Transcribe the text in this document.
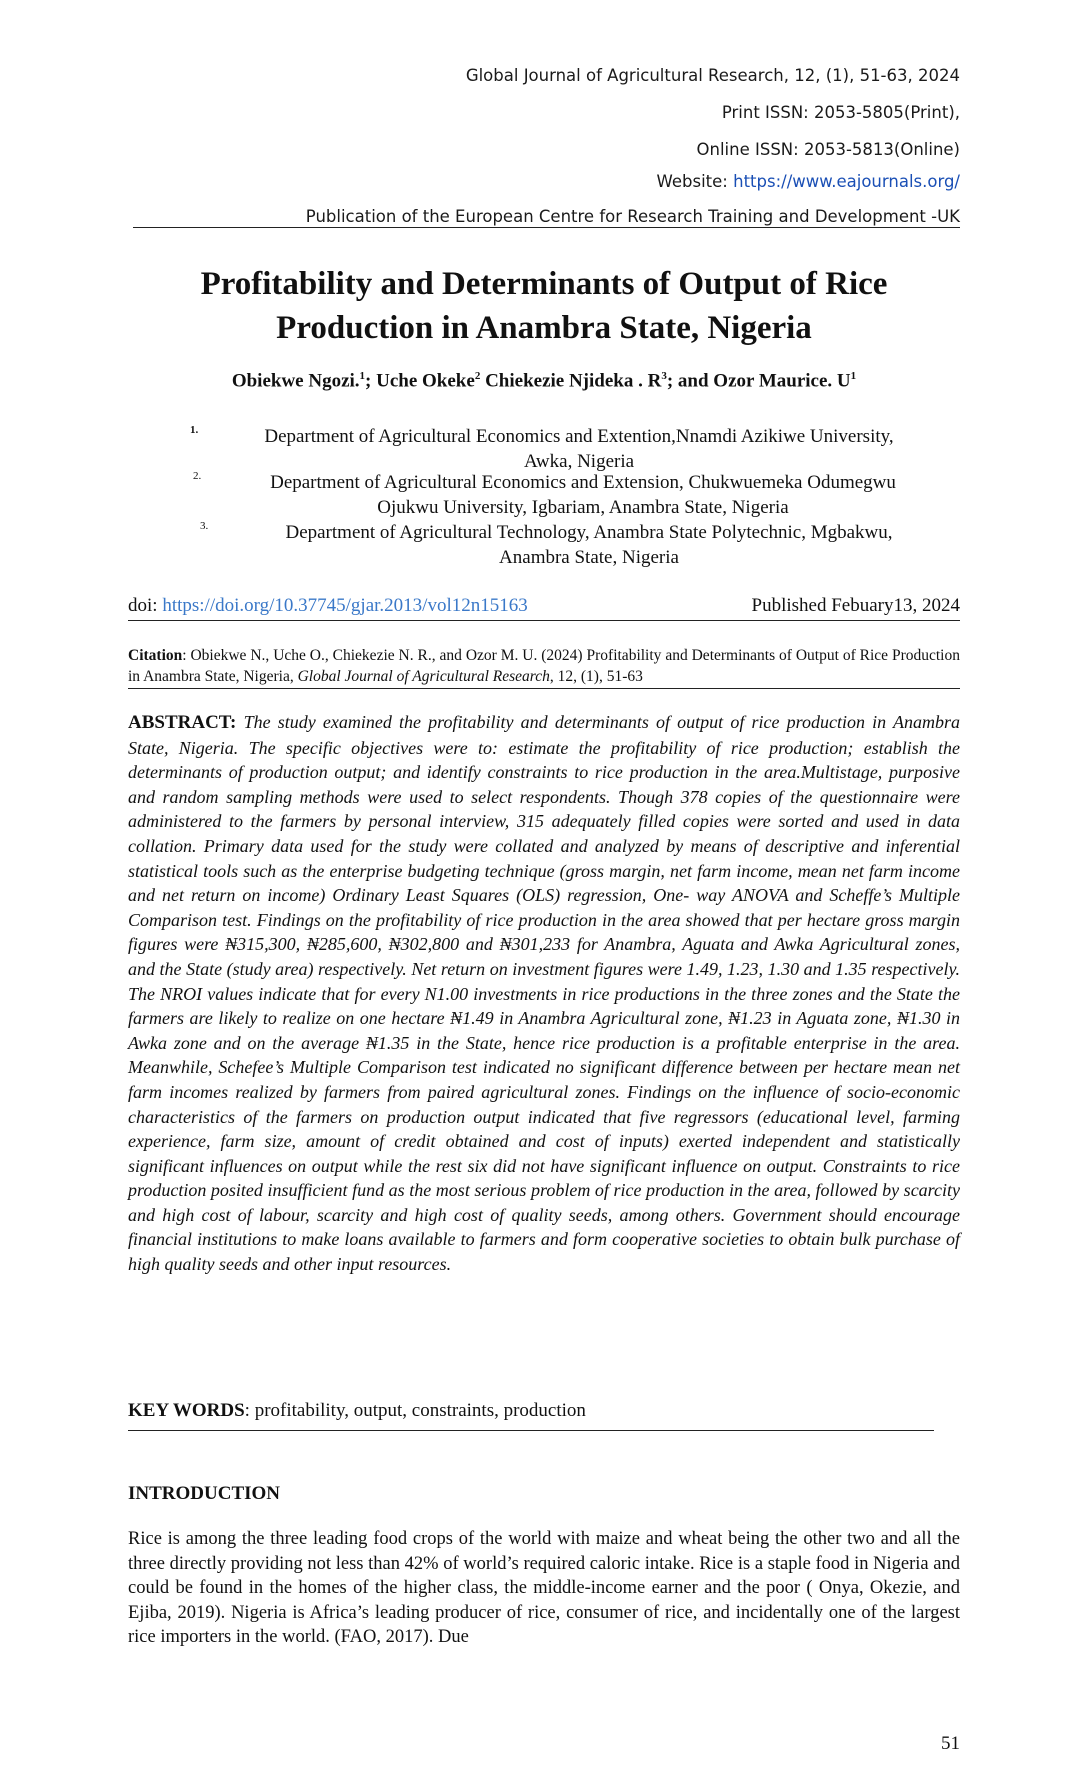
Global Journal of Agricultural Research, 12, (1), 51-63, 2024
Print ISSN: 2053-5805(Print),
Online ISSN: 2053-5813(Online)
Website: https://www.eajournals.org/
Publication of the European Centre for Research Training and Development -UK
Profitability and Determinants of Output of Rice
Production in Anambra State, Nigeria
Obiekwe Ngozi.$^1$; Uche Okeke$^2$ Chiekezie Njideka . $R^3$; and Ozor Maurice. $U^1$
1.	Department of Agricultural Economics and Extention,Nnamdi Azikiwe University,
Awka, Nigeria
2.	Department of Agricultural Economics and Extension, Chukwuemeka Odumegwu
Ojukwu University, Igbariam, Anambra State, Nigeria
3.	Department of Agricultural Technology, Anambra State Polytechnic, Mgbakwu,
Anambra State, Nigeria
doi: https://doi.org/10.37745/gjar.2013/vol12n15163	Published Febuary13, 2024
Citation: Obiekwe N., Uche O., Chiekezie N. R., and Ozor M. U. (2024) Profitability and Determinants of Output of Rice Production in Anambra State, Nigeria, Global Journal of Agricultural Research, 12, (1), 51-63
ABSTRACT: The study examined the profitability and determinants of output of rice production in Anambra State, Nigeria. The specific objectives were to: estimate the profitability of rice production; establish the determinants of production output; and identify constraints to rice production in the area.Multistage, purposive and random sampling methods were used to select respondents. Though 378 copies of the questionnaire were administered to the farmers by personal interview, 315 adequately filled copies were sorted and used in data collation. Primary data used for the study were collated and analyzed by means of descriptive and inferential statistical tools such as the enterprise budgeting technique (gross margin, net farm income, mean net farm income and net return on income) Ordinary Least Squares (OLS) regression, One- way ANOVA and Scheffe’s Multiple Comparison test. Findings on the profitability of rice production in the area showed that per hectare gross margin figures were ₦315,300, ₦285,600, ₦302,800 and ₦301,233 for Anambra, Aguata and Awka Agricultural zones, and the State (study area) respectively. Net return on investment figures were 1.49, 1.23, 1.30 and 1.35 respectively. The NROI values indicate that for every N1.00 investments in rice productions in the three zones and the State the farmers are likely to realize on one hectare ₦1.49 in Anambra Agricultural zone, ₦1.23 in Aguata zone, ₦1.30 in Awka zone and on the average ₦1.35 in the State, hence rice production is a profitable enterprise in the area. Meanwhile, Schefee’s Multiple Comparison test indicated no significant difference between per hectare mean net farm incomes realized by farmers from paired agricultural zones. Findings on the influence of socio-economic characteristics of the farmers on production output indicated that five regressors (educational level, farming experience, farm size, amount of credit obtained and cost of inputs) exerted independent and statistically significant influences on output while the rest six did not have significant influence on output. Constraints to rice production posited insufficient fund as the most serious problem of rice production in the area, followed by scarcity and high cost of labour, scarcity and high cost of quality seeds, among others. Government should encourage financial institutions to make loans available to farmers and form cooperative societies to obtain bulk purchase of high quality seeds and other input resources.
KEY WORDS: profitability, output, constraints, production
INTRODUCTION
Rice is among the three leading food crops of the world with maize and wheat being the other two and all the three directly providing not less than 42% of world’s required caloric intake. Rice is a staple food in Nigeria and could be found in the homes of the higher class, the middle-income earner and the poor ( Onya, Okezie, and Ejiba, 2019). Nigeria is Africa’s leading producer of rice, consumer of rice, and incidentally one of the largest rice importers in the world. (FAO, 2017). Due
51
